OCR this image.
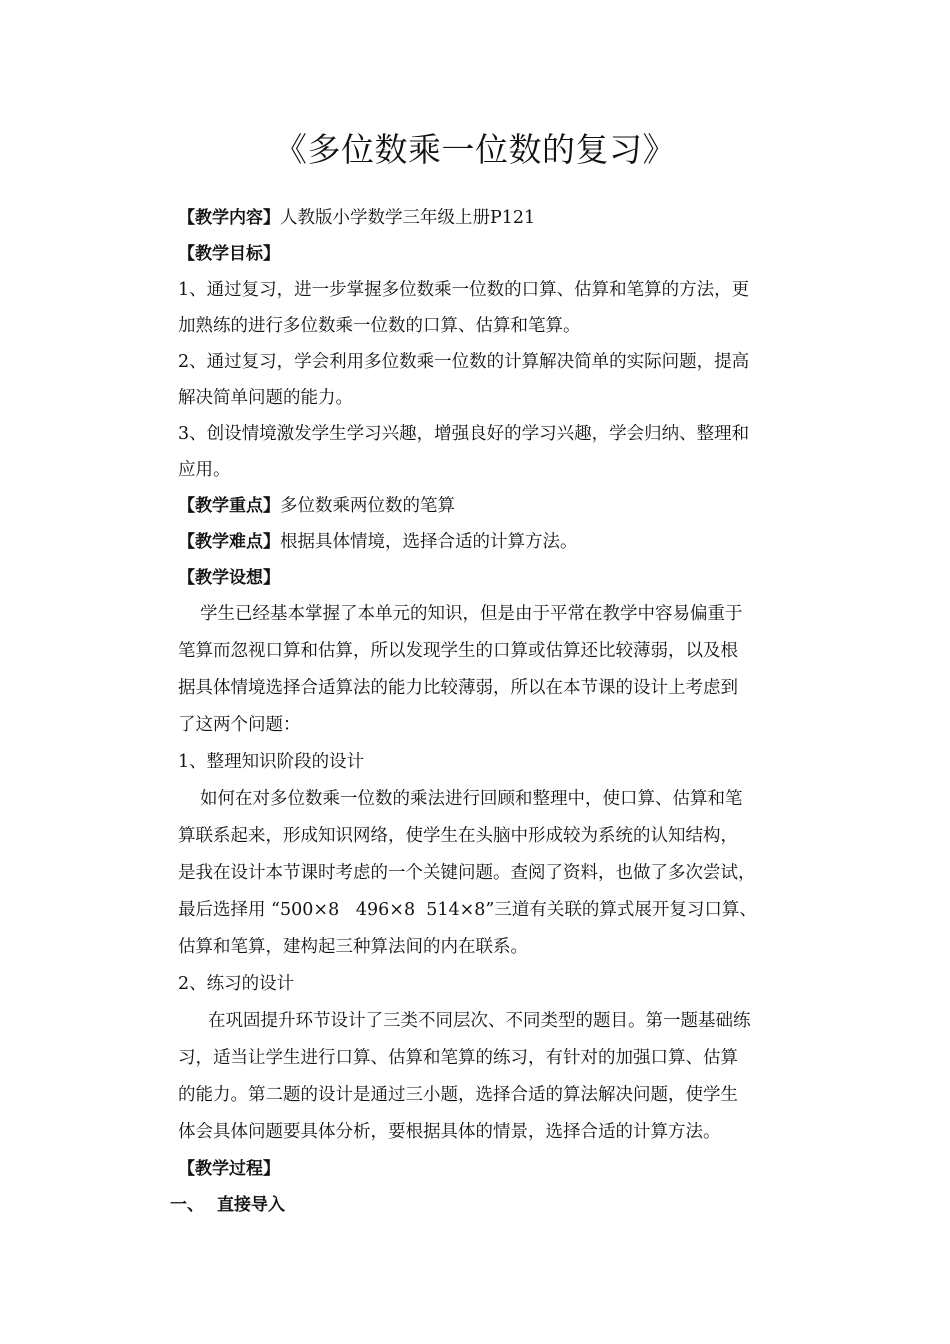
《多位数乘一位数的复习》
【教学内容】人教版小学数学三年级上册P121
【教学目标】
1、通过复习，进一步掌握多位数乘一位数的口算、估算和笔算的方法，更
加熟练的进行多位数乘一位数的口算、估算和笔算。
2、通过复习，学会利用多位数乘一位数的计算解决简单的实际问题，提高
解决简单问题的能力。
3、创设情境激发学生学习兴趣，增强良好的学习兴趣，学会归纳、整理和
应用。
【教学重点】多位数乘两位数的笔算
【教学难点】根据具体情境，选择合适的计算方法。
【教学设想】
学生已经基本掌握了本单元的知识，但是由于平常在教学中容易偏重于
笔算而忽视口算和估算，所以发现学生的口算或估算还比较薄弱，以及根
据具体情境选择合适算法的能力比较薄弱，所以在本节课的设计上考虑到
了这两个问题：
1、整理知识阶段的设计
如何在对多位数乘一位数的乘法进行回顾和整理中，使口算、估算和笔
算联系起来，形成知识网络，使学生在头脑中形成较为系统的认知结构，
是我在设计本节课时考虑的一个关键问题。查阅了资料，也做了多次尝试，
最后选择用 “500×8   496×8  514×8”三道有关联的算式展开复习口算、
估算和笔算，建构起三种算法间的内在联系。
2、练习的设计
在巩固提升环节设计了三类不同层次、不同类型的题目。第一题基础练
习，适当让学生进行口算、估算和笔算的练习，有针对的加强口算、估算
的能力。第二题的设计是通过三小题，选择合适的算法解决问题，使学生
体会具体问题要具体分析，要根据具体的情景，选择合适的计算方法。
【教学过程】
一、 直接导入
